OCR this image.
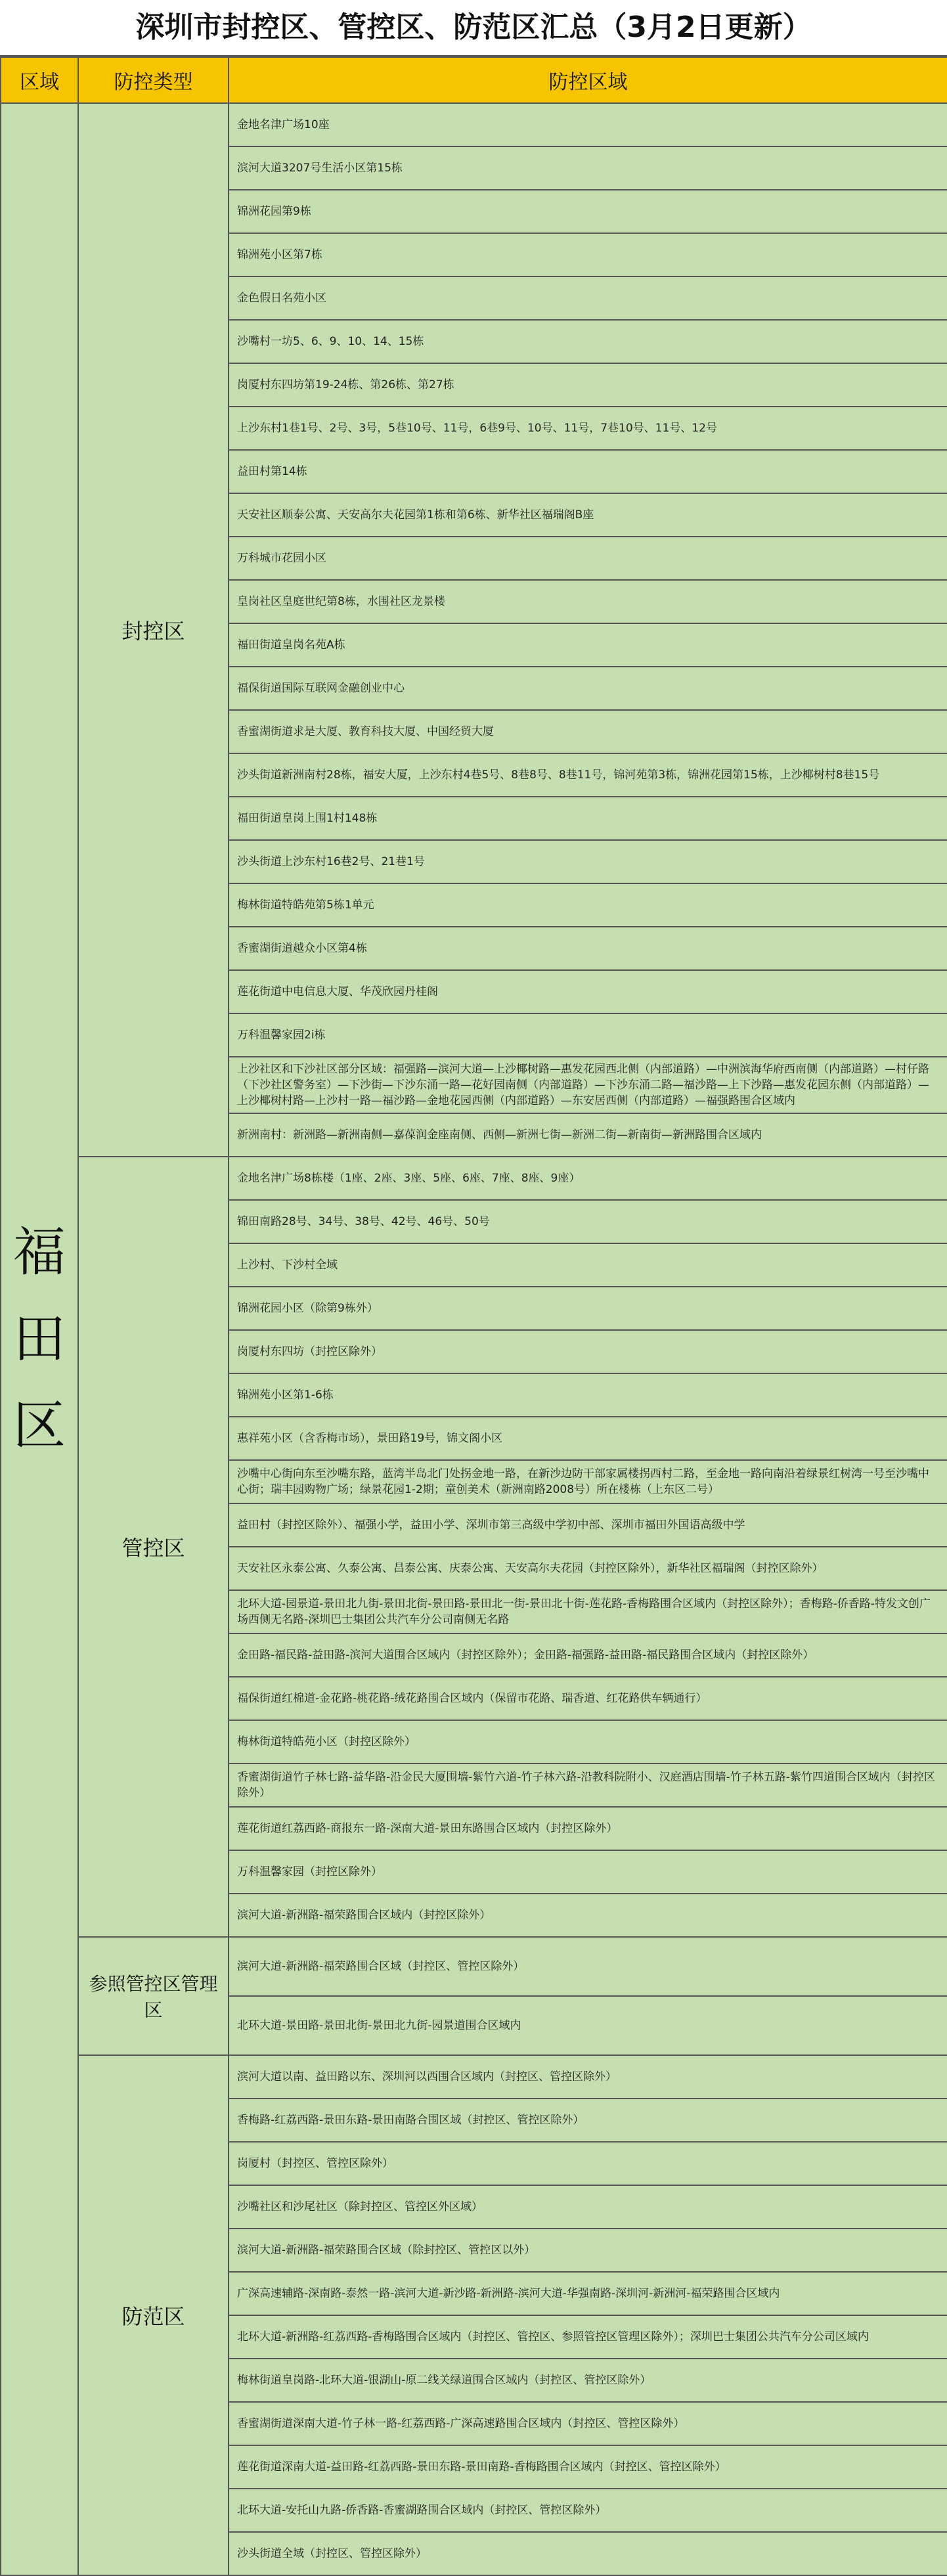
深圳市封控区、管控区、防范区汇总（3月2日更新）
区域	防控类型	防控区域
福田区	封控区	金地名津广场10座
		滨河大道3207号生活小区第15栋
		锦洲花园第9栋
		锦洲苑小区第7栋
		金色假日名苑小区
		沙嘴村一坊5、6、9、10、14、15栋
		岗厦村东四坊第19-24栋、第26栋、第27栋
		上沙东村1巷1号、2号、3号，5巷10号、11号，6巷9号、10号、11号，7巷10号、11号、12号
		益田村第14栋
		天安社区顺泰公寓、天安高尔夫花园第1栋和第6栋、新华社区福瑞阁B座
		万科城市花园小区
		皇岗社区皇庭世纪第8栋，水围社区龙景楼
		福田街道皇岗名苑A栋
		福保街道国际互联网金融创业中心
		香蜜湖街道求是大厦、教育科技大厦、中国经贸大厦
		沙头街道新洲南村28栋，福安大厦，上沙东村4巷5号、8巷8号、8巷11号，锦河苑第3栋，锦洲花园第15栋，上沙椰树村8巷15号
		福田街道皇岗上围1村148栋
		沙头街道上沙东村16巷2号、21巷1号
		梅林街道特皓苑第5栋1单元
		香蜜湖街道越众小区第4栋
		莲花街道中电信息大厦、华茂欣园丹桂阁
		万科温馨家园2i栋
		上沙社区和下沙社区部分区域：福强路—滨河大道—上沙椰树路—惠发花园西北侧（内部道路）—中洲滨海华府西南侧（内部道路）—村仔路（下沙社区警务室）—下沙街—下沙东涌一路—花好园南侧（内部道路）—下沙东涌二路—福沙路—上下沙路—惠发花园东侧（内部道路）—上沙椰树村路—上沙村一路—福沙路—金地花园西侧（内部道路）—东安居西侧（内部道路）—福强路围合区域内
		新洲南村：新洲路—新洲南侧—嘉葆润金座南侧、西侧—新洲七街—新洲二街—新南街—新洲路围合区域内
	管控区	金地名津广场8栋楼（1座、2座、3座、5座、6座、7座、8座、9座）
		锦田南路28号、34号、38号、42号、46号、50号
		上沙村、下沙村全域
		锦洲花园小区（除第9栋外）
		岗厦村东四坊（封控区除外）
		锦洲苑小区第1-6栋
		惠祥苑小区（含香梅市场），景田路19号，锦文阁小区
		沙嘴中心街向东至沙嘴东路，蓝湾半岛北门处拐金地一路，在新沙边防干部家属楼拐西村二路，至金地一路向南沿着绿景红树湾一号至沙嘴中心街；瑞丰园购物广场；绿景花园1-2期；童创美术（新洲南路2008号）所在楼栋（上东区二号）
		益田村（封控区除外）、福强小学，益田小学、深圳市第三高级中学初中部、深圳市福田外国语高级中学
		天安社区永泰公寓、久泰公寓、昌泰公寓、庆泰公寓、天安高尔夫花园（封控区除外），新华社区福瑞阁（封控区除外）
		北环大道-园景道-景田北九街-景田北街-景田路-景田北一街-景田北十街-莲花路-香梅路围合区域内（封控区除外）；香梅路-侨香路-特发文创广场西侧无名路-深圳巴士集团公共汽车分公司南侧无名路
		金田路-福民路-益田路-滨河大道围合区域内（封控区除外）；金田路-福强路-益田路-福民路围合区域内（封控区除外）
		福保街道红棉道-金花路-桃花路-绒花路围合区域内（保留市花路、瑞香道、红花路供车辆通行）
		梅林街道特皓苑小区（封控区除外）
		香蜜湖街道竹子林七路-益华路-沿金民大厦围墙-紫竹六道-竹子林六路-沿教科院附小、汉庭酒店围墙-竹子林五路-紫竹四道围合区域内（封控区除外）
		莲花街道红荔西路-商报东一路-深南大道-景田东路围合区域内（封控区除外）
		万科温馨家园（封控区除外）
		滨河大道-新洲路-福荣路围合区域内（封控区除外）
	参照管控区管理区	滨河大道-新洲路-福荣路围合区域（封控区、管控区除外）
		北环大道-景田路-景田北街-景田北九街-园景道围合区域内
	防范区	滨河大道以南、益田路以东、深圳河以西围合区域内（封控区、管控区除外）
		香梅路-红荔西路-景田东路-景田南路合围区域（封控区、管控区除外）
		岗厦村（封控区、管控区除外）
		沙嘴社区和沙尾社区（除封控区、管控区外区域）
		滨河大道-新洲路-福荣路围合区域（除封控区、管控区以外）
		广深高速辅路-深南路-泰然一路-滨河大道-新沙路-新洲路-滨河大道-华强南路-深圳河-新洲河-福荣路围合区域内
		北环大道-新洲路-红荔西路-香梅路围合区域内（封控区、管控区、参照管控区管理区除外）；深圳巴士集团公共汽车分公司区域内
		梅林街道皇岗路-北环大道-银湖山-原二线关绿道围合区域内（封控区、管控区除外）
		香蜜湖街道深南大道-竹子林一路-红荔西路-广深高速路围合区域内（封控区、管控区除外）
		莲花街道深南大道-益田路-红荔西路-景田东路-景田南路-香梅路围合区域内（封控区、管控区除外）
		北环大道-安托山九路-侨香路-香蜜湖路围合区域内（封控区、管控区除外）
		沙头街道全域（封控区、管控区除外）
